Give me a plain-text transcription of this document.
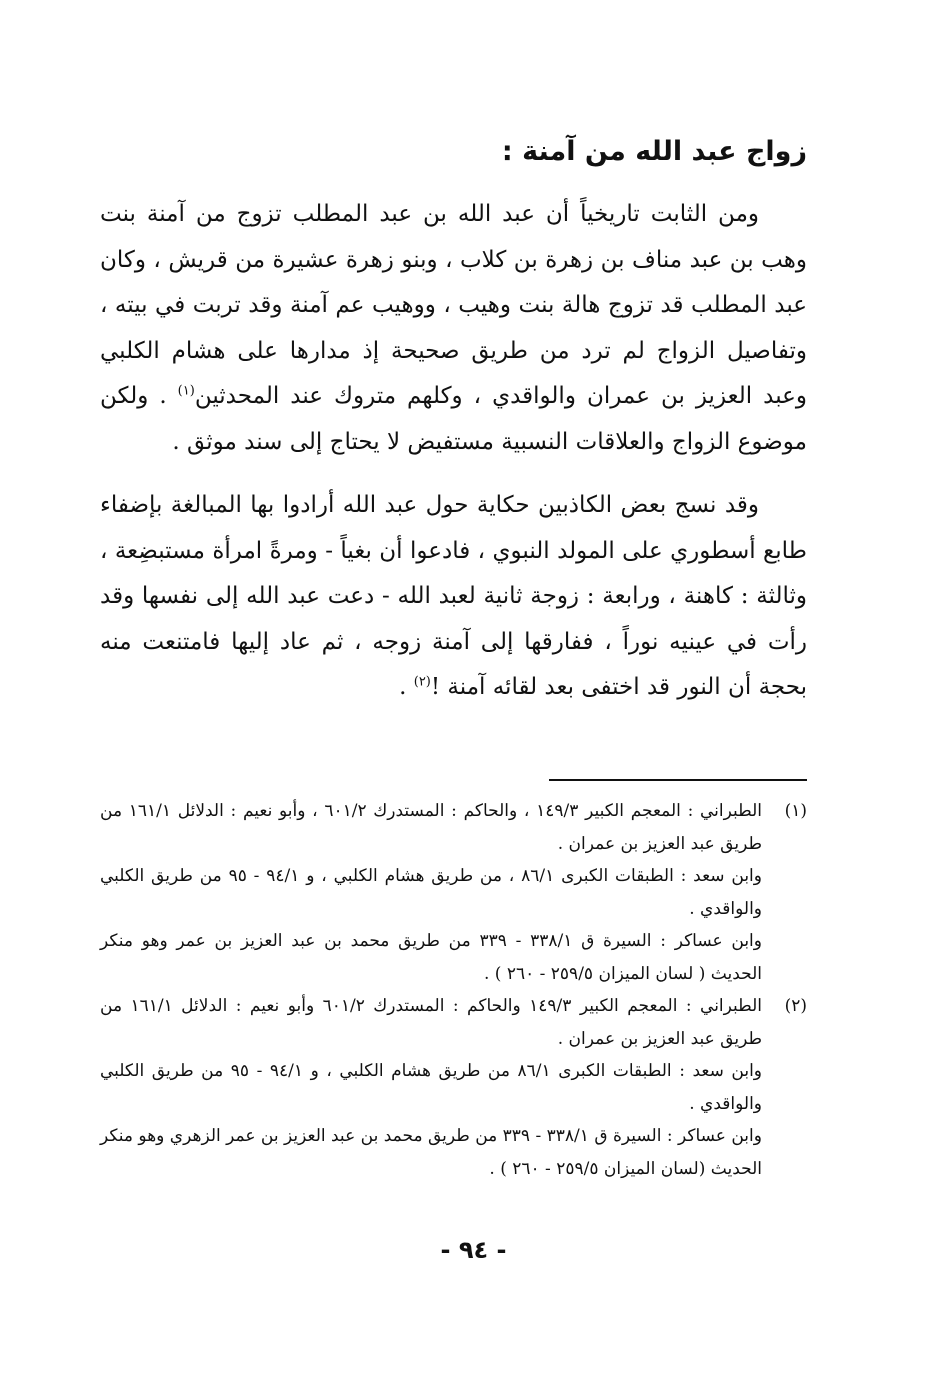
زواج عبد الله من آمنة :

ومن الثابت تاريخياً أن عبد الله بن عبد المطلب تزوج من آمنة بنت وهب بن عبد مناف بن زهرة بن كلاب ، وبنو زهرة عشيرة من قريش ، وكان عبد المطلب قد تزوج هالة بنت وهيب ، ووهيب عم آمنة وقد تربت في بيته ، وتفاصيل الزواج لم ترد من طريق صحيحة إذ مدارها على هشام الكلبي وعبد العزيز بن عمران والواقدي ، وكلهم متروك عند المحدثين$^{(١)}$ . ولكن موضوع الزواج والعلاقات النسبية مستفيض لا يحتاج إلى سند موثق .

وقد نسج بعض الكاذبين حكاية حول عبد الله أرادوا بها المبالغة بإضفاء طابع أسطوري على المولد النبوي ، فادعوا أن بغياً - ومرةً امرأة مستبضِعة ، وثالثة : كاهنة ، ورابعة : زوجة ثانية لعبد الله - دعت عبد الله إلى نفسها وقد رأت في عينيه نوراً ، ففارقها إلى آمنة زوجه ، ثم عاد إليها فامتنعت منه بحجة أن النور قد اختفى بعد لقائه آمنة !$^{(٢)}$ .

(١)
الطبراني : المعجم الكبير ١٤٩/٣ ، والحاكم : المستدرك ٦٠١/٢ ، وأبو نعيم : الدلائل ١٦١/١ من طريق عبد العزيز بن عمران .
وابن سعد : الطبقات الكبرى ٨٦/١ ، من طريق هشام الكلبي ، و ٩٤/١ - ٩٥ من طريق الكلبي والواقدي .
وابن عساكر : السيرة ق ٣٣٨/١ - ٣٣٩ من طريق محمد بن عبد العزيز بن عمر وهو منكر الحديث ( لسان الميزان ٢٥٩/٥ - ٢٦٠ ) .
(٢)
الطبراني : المعجم الكبير ١٤٩/٣ والحاكم : المستدرك ٦٠١/٢ وأبو نعيم : الدلائل ١٦١/١ من طريق عبد العزيز بن عمران .
وابن سعد : الطبقات الكبرى ٨٦/١ من طريق هشام الكلبي ، و ٩٤/١ - ٩٥ من طريق الكلبي والواقدي .
وابن عساكر : السيرة ق ٣٣٨/١ - ٣٣٩ من طريق محمد بن عبد العزيز بن عمر الزهري وهو منكر الحديث (لسان الميزان ٢٥٩/٥ - ٢٦٠ ) .
- ٩٤ -
